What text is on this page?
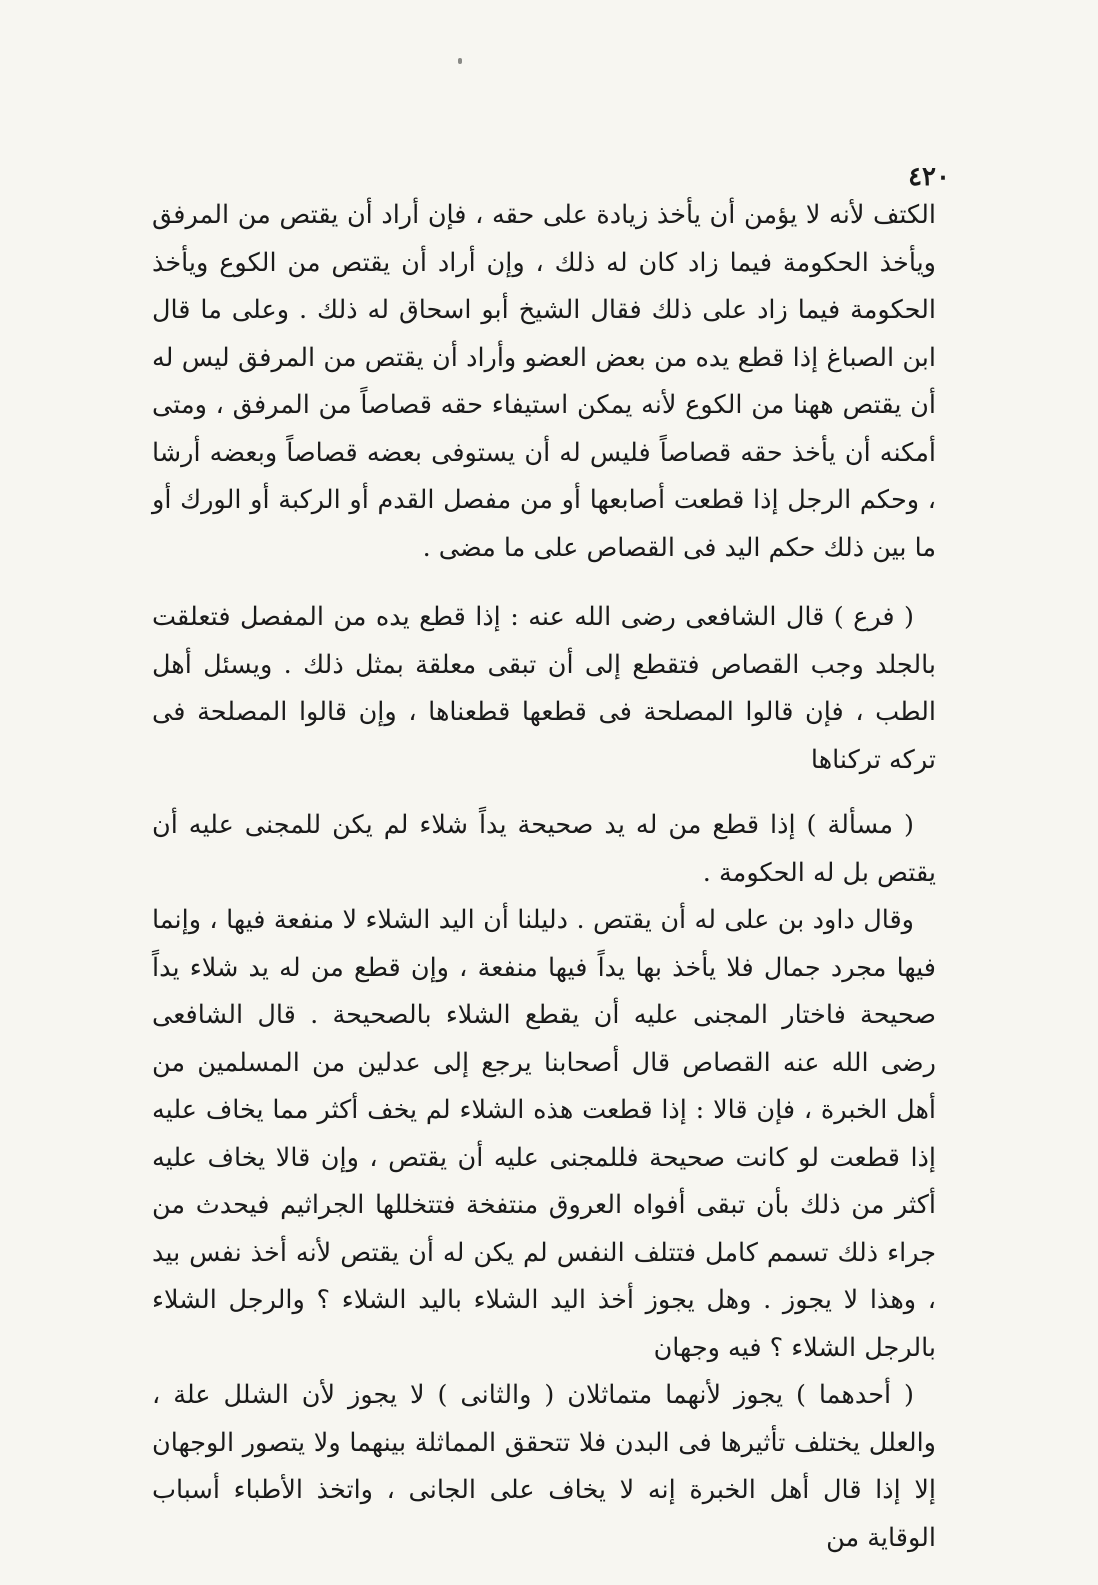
٤٢٠

الكتف لأنه لا يؤمن أن يأخذ زيادة على حقه ، فإن أراد أن يقتص من المرفق ويأخذ الحكومة فيما زاد كان له ذلك ، وإن أراد أن يقتص من الكوع ويأخذ الحكومة فيما زاد على ذلك فقال الشيخ أبو اسحاق له ذلك . وعلى ما قال ابن الصباغ إذا قطع يده من بعض العضو وأراد أن يقتص من المرفق ليس له أن يقتص ههنا من الكوع لأنه يمكن استيفاء حقه قصاصاً من المرفق ، ومتى أمكنه أن يأخذ حقه قصاصاً فليس له أن يستوفى بعضه قصاصاً وبعضه أرشا ، وحكم الرجل إذا قطعت أصابعها أو من مفصل القدم أو الركبة أو الورك أو ما بين ذلك حكم اليد فى القصاص على ما مضى .

( فرع ) قال الشافعى رضى الله عنه : إذا قطع يده من المفصل فتعلقت بالجلد وجب القصاص فتقطع إلى أن تبقى معلقة بمثل ذلك . ويسئل أهل الطب ، فإن قالوا المصلحة فى قطعها قطعناها ، وإن قالوا المصلحة فى تركه تركناها

( مسألة ) إذا قطع من له يد صحيحة يداً شلاء لم يكن للمجنى عليه أن يقتص بل له الحكومة .

وقال داود بن على له أن يقتص . دليلنا أن اليد الشلاء لا منفعة فيها ، وإنما فيها مجرد جمال فلا يأخذ بها يداً فيها منفعة ، وإن قطع من له يد شلاء يداً صحيحة فاختار المجنى عليه أن يقطع الشلاء بالصحيحة . قال الشافعى رضى الله عنه القصاص قال أصحابنا يرجع إلى عدلين من المسلمين من أهل الخبرة ، فإن قالا : إذا قطعت هذه الشلاء لم يخف أكثر مما يخاف عليه إذا قطعت لو كانت صحيحة فللمجنى عليه أن يقتص ، وإن قالا يخاف عليه أكثر من ذلك بأن تبقى أفواه العروق منتفخة فتتخللها الجراثيم فيحدث من جراء ذلك تسمم كامل فتتلف النفس لم يكن له أن يقتص لأنه أخذ نفس بيد ، وهذا لا يجوز . وهل يجوز أخذ اليد الشلاء باليد الشلاء ؟ والرجل الشلاء بالرجل الشلاء ؟ فيه وجهان

( أحدهما ) يجوز لأنهما متماثلان ( والثانى ) لا يجوز لأن الشلل علة ، والعلل يختلف تأثيرها فى البدن فلا تتحقق المماثلة بينهما ولا يتصور الوجهان إلا إذا قال أهل الخبرة إنه لا يخاف على الجانى ، واتخذ الأطباء أسباب الوقاية من
